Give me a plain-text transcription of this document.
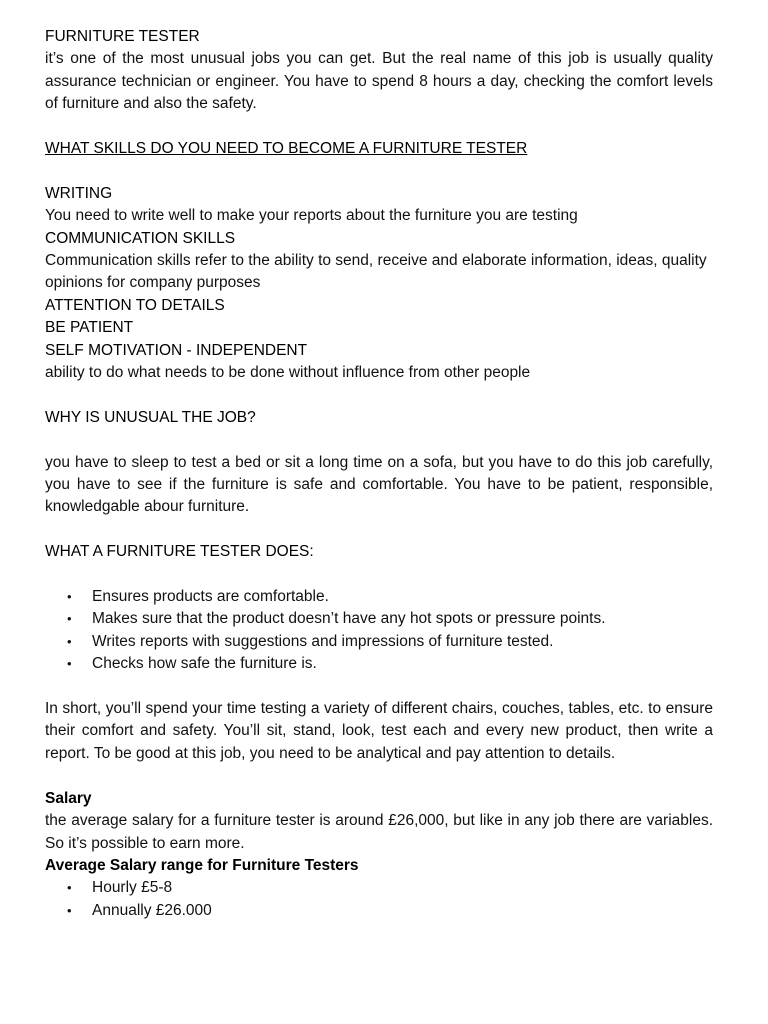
FURNITURE TESTER

it’s one of the most unusual jobs you can get. But the real name of this job is usually quality assurance technician or engineer. You have to spend 8 hours a day, checking the comfort levels of furniture and also the safety.

WHAT SKILLS DO YOU NEED TO BECOME A FURNITURE TESTER
WRITING

You need to write well to make your reports about the furniture you are testing

COMMUNICATION SKILLS

Communication skills refer to the ability to send, receive and elaborate information, ideas, quality opinions for company purposes

ATTENTION TO DETAILS
BE PATIENT
SELF MOTIVATION - INDEPENDENT

ability to do what needs to be done without influence from other people

WHY IS UNUSUAL THE JOB?

you have to sleep to test a bed or sit a long time on a sofa, but you have to do this job carefully, you have to see if the furniture is safe and comfortable. You have to be patient, responsible, knowledgable abour furniture.

WHAT A FURNITURE TESTER DOES:
• Ensures products are comfortable.
• Makes sure that the product doesn’t have any hot spots or pressure points.
• Writes reports with suggestions and impressions of furniture tested.
• Checks how safe the furniture is.

In short, you’ll spend your time testing a variety of different chairs, couches, tables, etc. to ensure their comfort and safety. You’ll sit, stand, look, test each and every new product, then write a report. To be good at this job, you need to be analytical and pay attention to details.

Salary

the average salary for a furniture tester is around £26,000, but like in any job there are variables. So it’s possible to earn more.

Average Salary range for Furniture Testers
• Hourly £5-8
• Annually £26.000
